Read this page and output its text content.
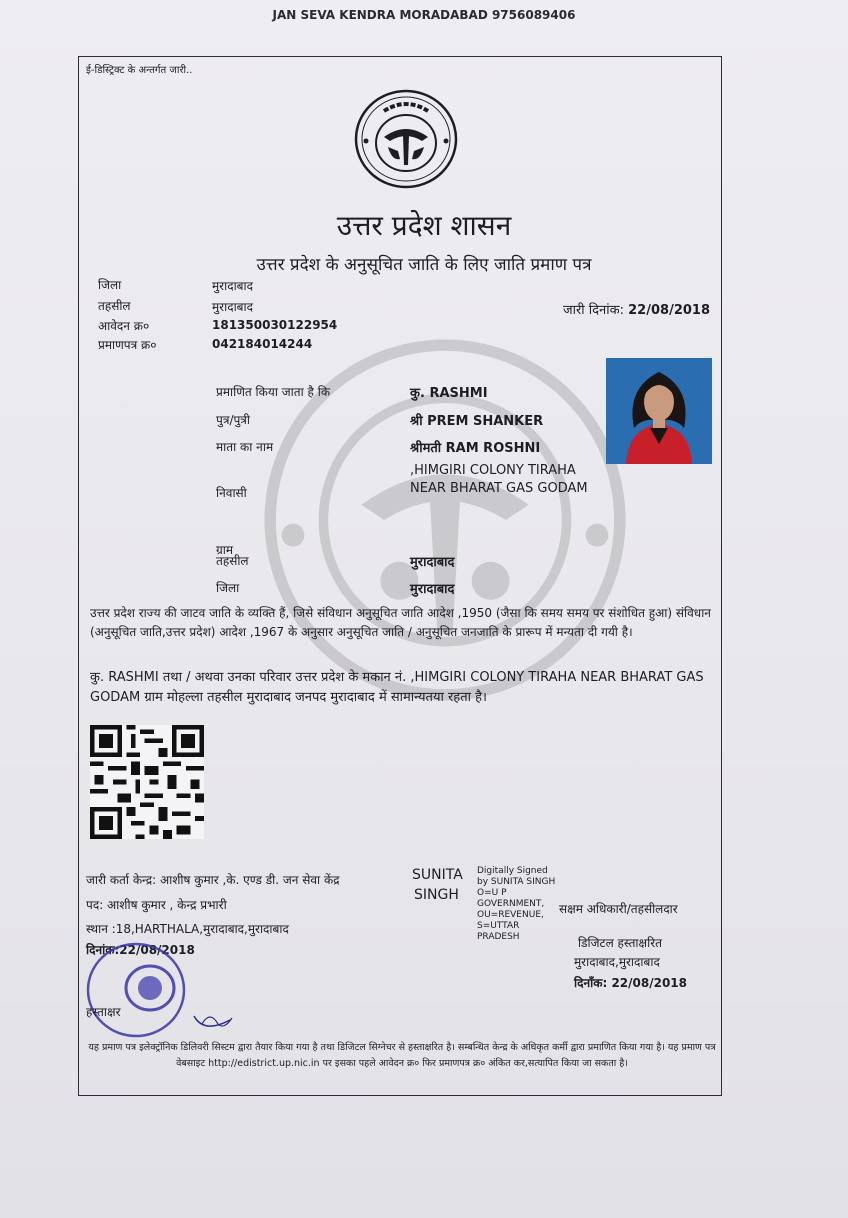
JAN SEVA KENDRA MORADABAD 9756089406
ई-डिस्ट्रिक्ट के अन्तर्गत जारी..
उत्तर प्रदेश शासन
उत्तर प्रदेश के अनुसूचित जाति के लिए जाति प्रमाण पत्र
जिला	मुरादाबाद
तहसील	मुरादाबाद
आवेदन क्र०	181350030122954
प्रमाणपत्र क्र०	042184014244
जारी दिनांक: 22/08/2018
प्रमाणित किया जाता है कि	कु. RASHMI
पुत्र/पुत्री	श्री PREM SHANKER
माता का नाम	श्रीमती RAM ROSHNI
निवासी
,HIMGIRI COLONY TIRAHA NEAR BHARAT GAS GODAM
ग्राम
तहसील	मुरादाबाद
जिला	मुरादाबाद
उत्तर प्रदेश राज्य की जाटव जाति के व्यक्ति हैं, जिसे संविधान अनुसूचित जाति आदेश ,1950 (जैसा कि समय समय पर संशोधित हुआ) संविधान (अनुसूचित जाति,उत्तर प्रदेश) आदेश ,1967 के अनुसार अनुसूचित जाति / अनुसूचित जनजाति के प्रारूप में मन्यता दी गयी है।
कु. RASHMI तथा / अथवा उनका परिवार उत्तर प्रदेश के मकान नं. ,HIMGIRI COLONY TIRAHA NEAR BHARAT GAS GODAM ग्राम मोहल्ला तहसील मुरादाबाद जनपद मुरादाबाद में सामान्यतया रहता है।
जारी कर्ता केन्द्र: आशीष कुमार ,के. एण्ड डी. जन सेवा केंद्र
पद: आशीष कुमार , केन्द्र प्रभारी
स्थान :18,HARTHALA,मुरादाबाद,मुरादाबाद
दिनांक:22/08/2018
हस्ताक्षर
SUNITA
SINGH
Digitally Signed by SUNITA SINGH O=U P GOVERNMENT, OU=REVENUE, S=UTTAR PRADESH
सक्षम अधिकारी/तहसीलदार
डिजिटल हस्ताक्षरित
मुरादाबाद,मुरादाबाद
दिनाँक: 22/08/2018
यह प्रमाण पत्र इलेक्ट्रॉनिक डिलिवरी सिस्टम द्वारा तैयार किया गया है तथा डिजिटल सिग्नेचर से हस्ताक्षरित है। सम्बन्धित केन्द्र के अधिकृत कर्मी द्वारा प्रमाणित किया गया है। यह प्रमाण पत्र वेबसाइट http://edistrict.up.nic.in पर इसका पहले आवेदन क्र० फिर प्रमाणपत्र क्र० अंकित कर,सत्यापित किया जा सकता है।
